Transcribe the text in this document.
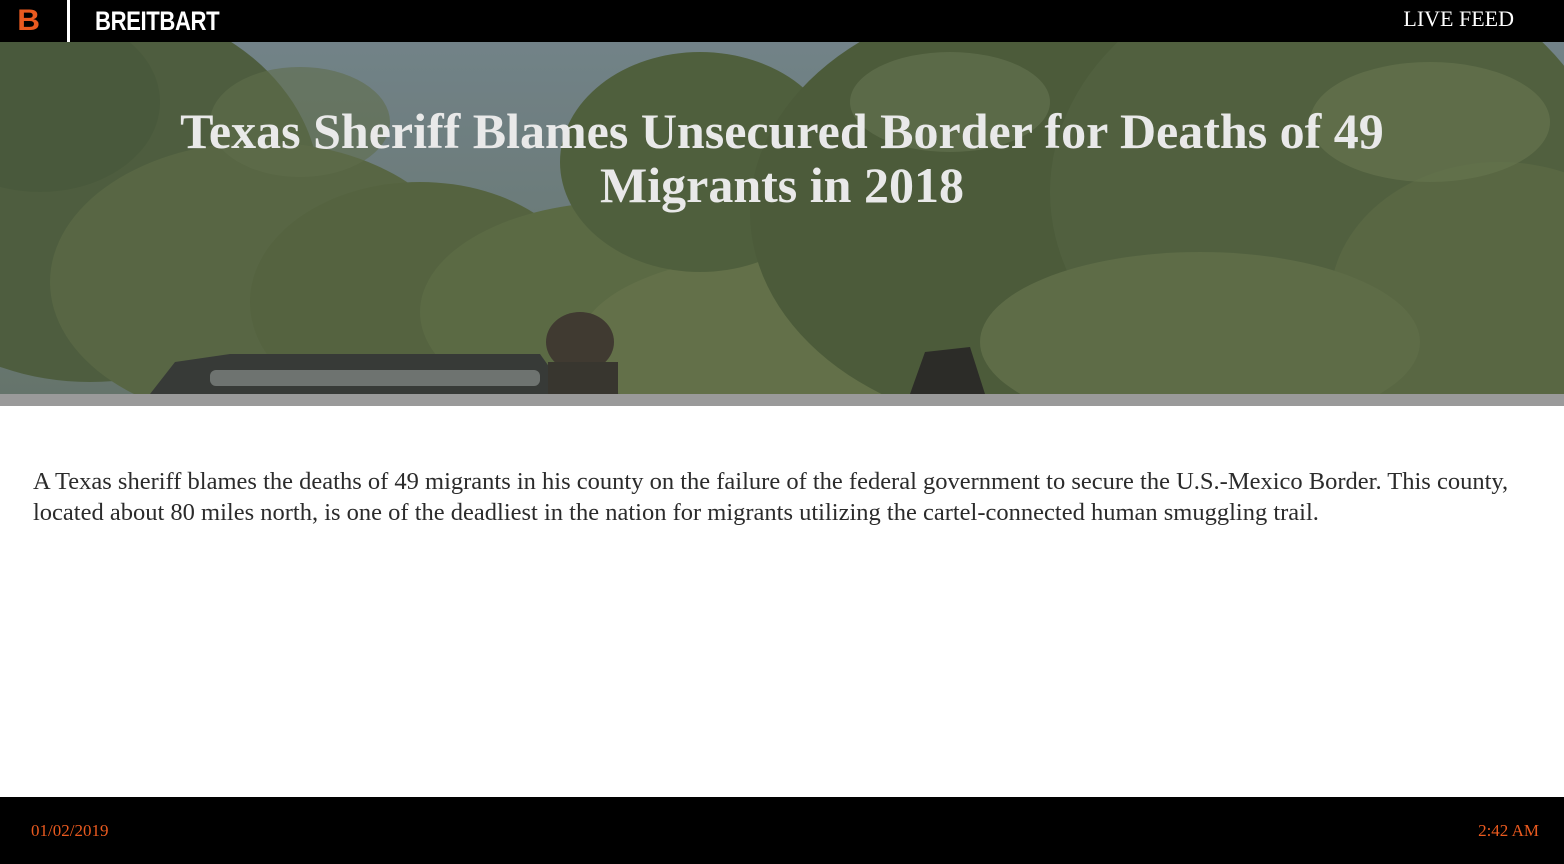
B	BREITBART	LIVE FEED
Texas Sheriff Blames Unsecured Border for Deaths of 49 Migrants in 2018

A Texas sheriff blames the deaths of 49 migrants in his county on the failure of the federal government to secure the U.S.-Mexico Border. This county, located about 80 miles north, is one of the deadliest in the nation for migrants utilizing the cartel-connected human smuggling trail.

01/02/2019	2:42 AM
